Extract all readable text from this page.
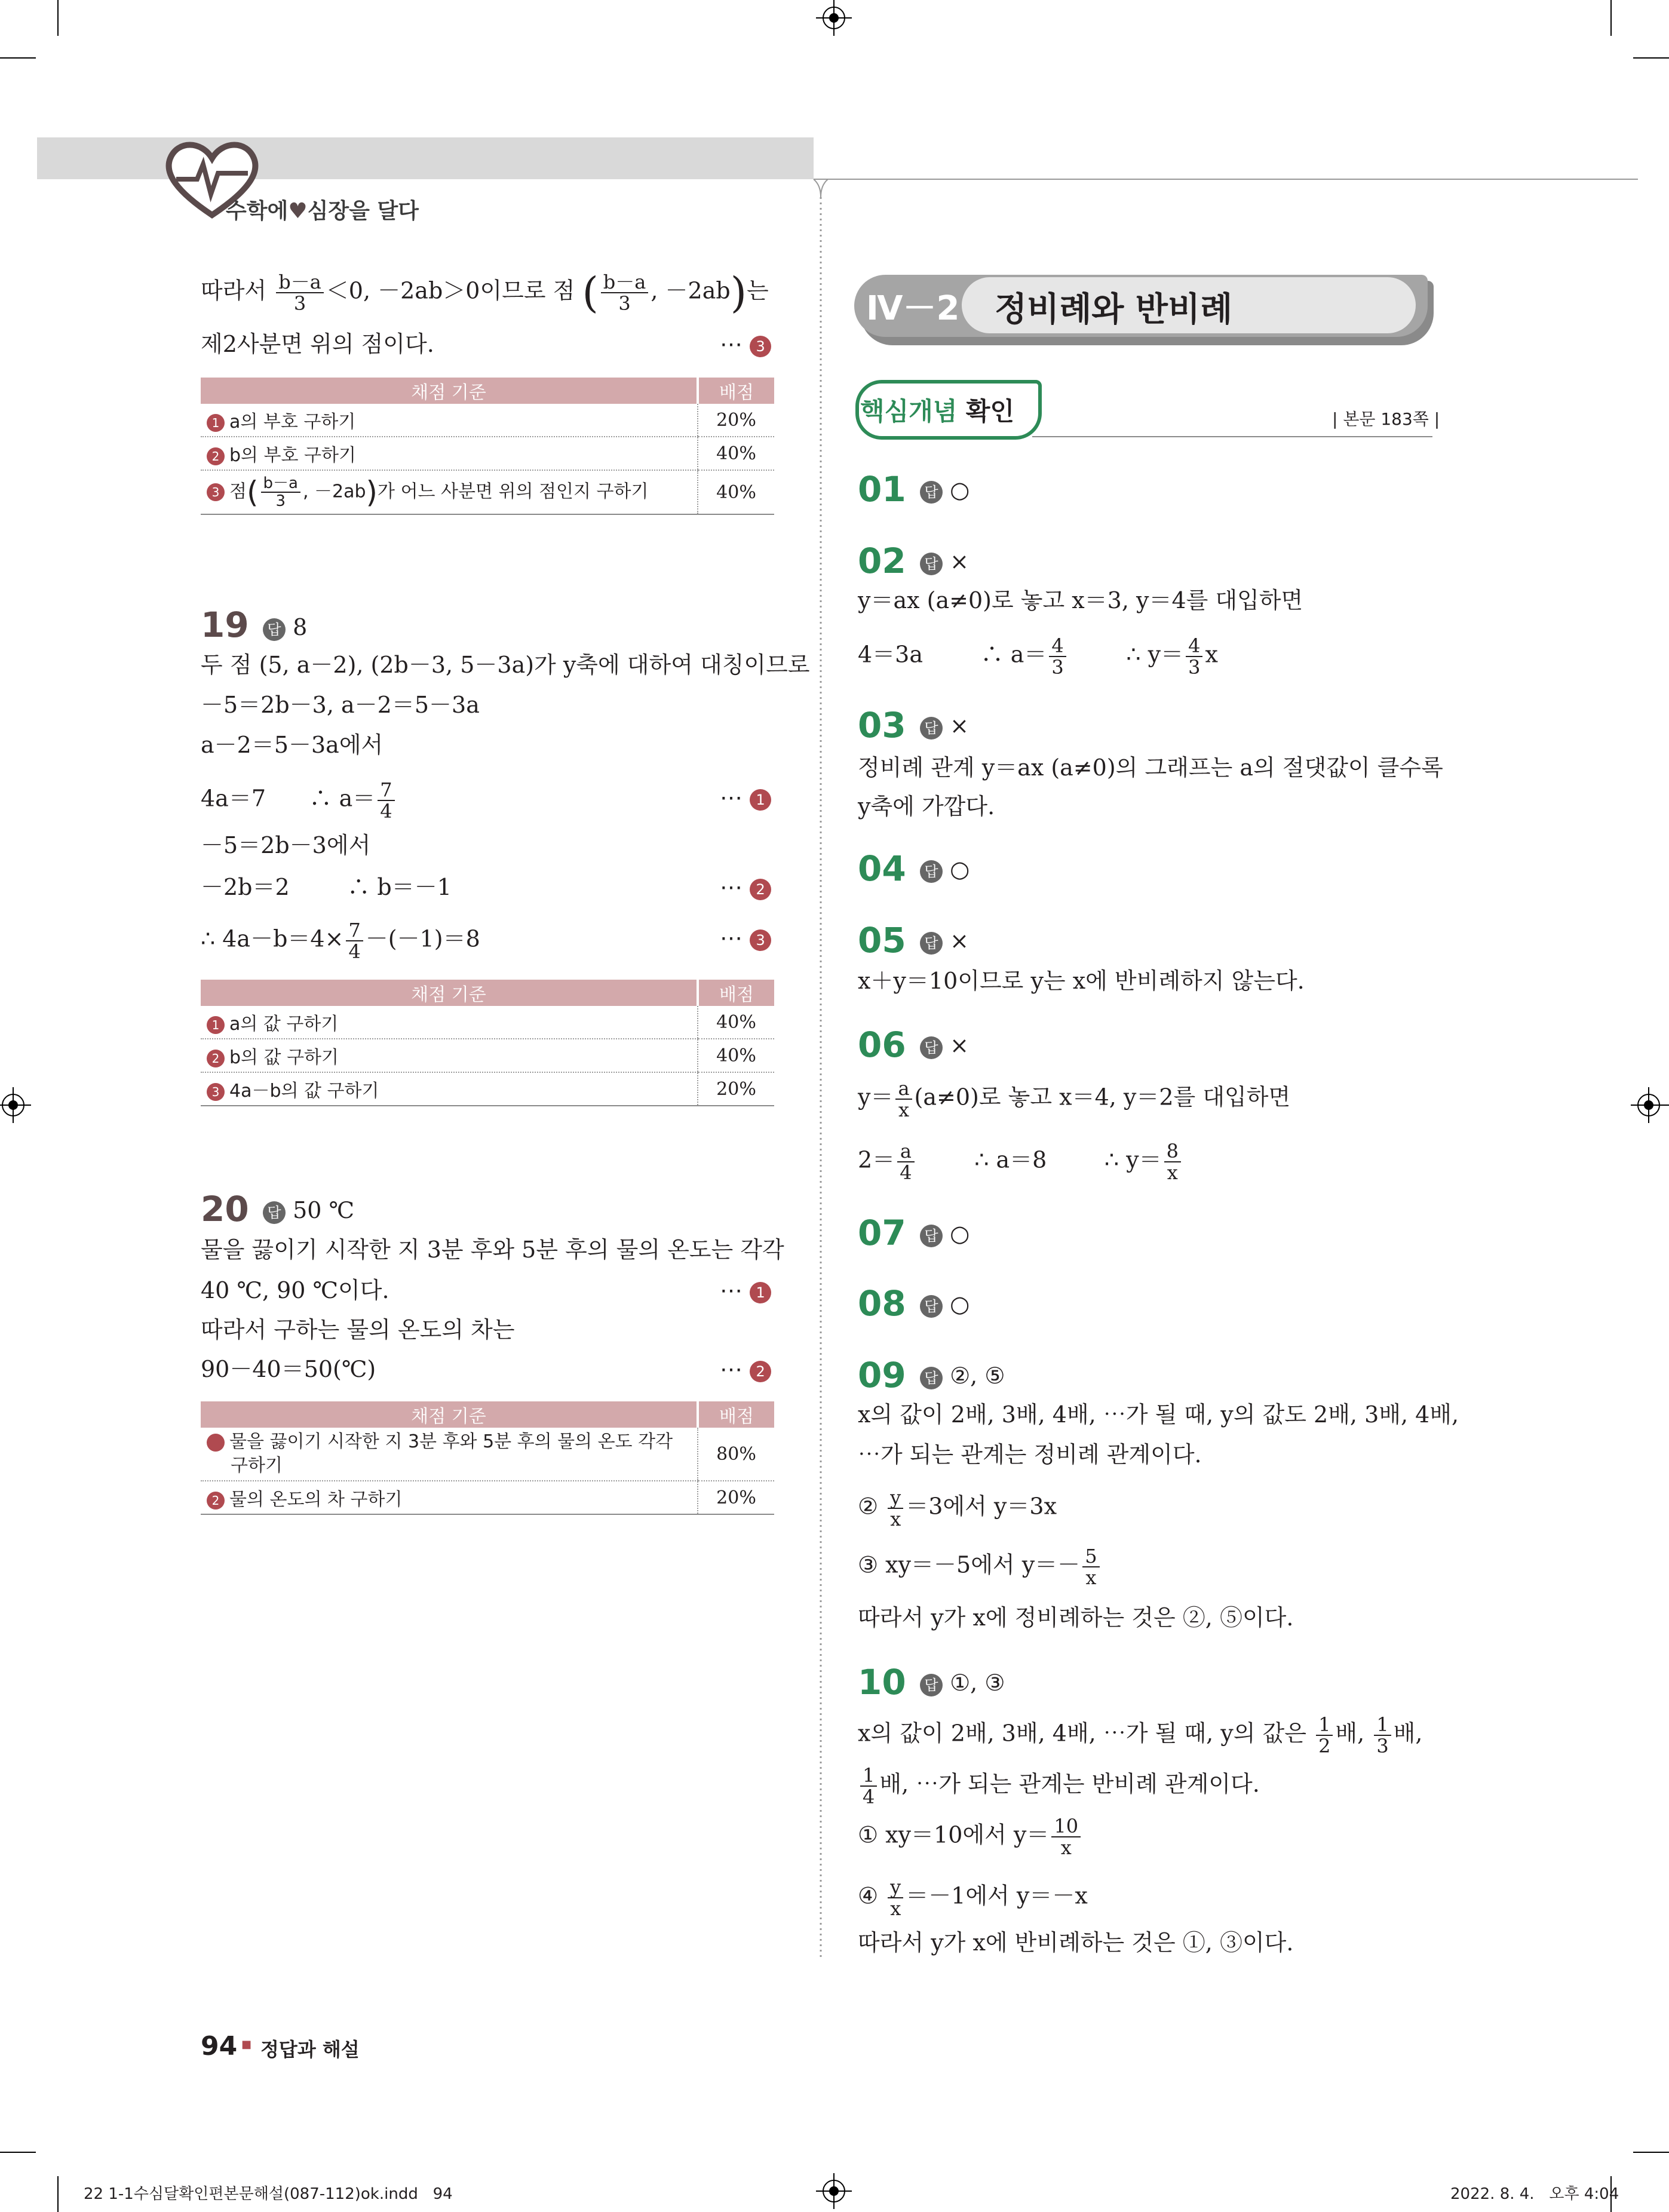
수학에♥심장을 달다
따라서 $\frac{b-a}{3} <0$, －2ab＞0이므로 점 ( $\frac{b-a}{3}$ , －2ab)는
제2사분면 위의 점이다.	⋯ 3
채점 기준	배점
1 a의 부호 구하기	20%
2 b의 부호 구하기	40%
3 점( $\frac{b-a}{3}$ , －2ab)가 어느 사분면 위의 점인지 구하기	40%
19	답 8
두 점 (5, a－2), (2b－3, 5－3a)가 y축에 대하여 대칭이므로
－5＝2b－3, a－2＝5－3a
a－2＝5－3a에서
4a＝7 ∴ $a= \frac{7}{4}$	⋯ 1
－5＝2b－3에서
－2b＝2        ∴ b＝－1	⋯ 2
∴ $4a-b=4\times \frac{7}{4} -(-1)=8$	⋯ 3
채점 기준	배점
1 a의 값 구하기	40%
2 b의 값 구하기	40%
3 4a－b의 값 구하기	20%
20	답 50 ℃
물을 끓이기 시작한 지 3분 후와 5분 후의 물의 온도는 각각
40 ℃, 90 ℃이다.	⋯ 1
따라서 구하는 물의 온도의 차는
90－40＝50(℃)	⋯ 2
채점 기준	배점
1 물을 끓이기 시작한 지 3분 후와 5분 후의 물의 온도 각각 구하기	80%
2 물의 온도의 차 구하기	20%
Ⅳ－2 정비례와 반비례
핵심개념 확인	| 본문 183쪽 |
01	답 ○
02	답 ×
y＝ax (a≠0)로 놓고 x＝3, y＝4를 대입하면
4＝3a        ∴ $a= \frac{4}{3}$	∴ $y= \frac{4}{3}$ x
03	답 ×
정비례 관계 y＝ax (a≠0)의 그래프는 a의 절댓값이 클수록
y축에 가깝다.
04	답 ○
05	답 ×
x＋y＝10이므로 y는 x에 반비례하지 않는다.
06	답 ×
$y= \frac{a}{x} (a\ne 0)$로 놓고 x＝4, y＝2를 대입하면
$2= \frac{a}{4}$	∴ a＝8        ∴ $y= \frac{8}{x}$
07	답 ○
08	답 ○
09	답 ②, ⑤
x의 값이 2배, 3배, 4배, ⋯가 될 때, y의 값도 2배, 3배, 4배,
⋯가 되는 관계는 정비례 관계이다.
② $\frac{y}{x} =3$에서 y＝3x
③ xy＝－5에서 $y=- \frac{5}{x}$
따라서 y가 x에 정비례하는 것은 ②, ⑤이다.
10	답 ①, ③
x의 값이 2배, 3배, 4배, ⋯가 될 때, y의 값은 $\frac{1}{2}$ 배, $\frac{1}{3}$ 배,
$\frac{1}{4}$ 배, ⋯가 되는 관계는 반비례 관계이다.
① xy＝10에서 $y= \frac{10}{x}$
④ $\frac{y}{x} =-1$에서 y＝－x
따라서 y가 x에 반비례하는 것은 ①, ③이다.
94 ■ 정답과 해설
22 1-1수심달확인편본문해설(087-112)ok.indd   94	2022. 8. 4.   오후 4:04
